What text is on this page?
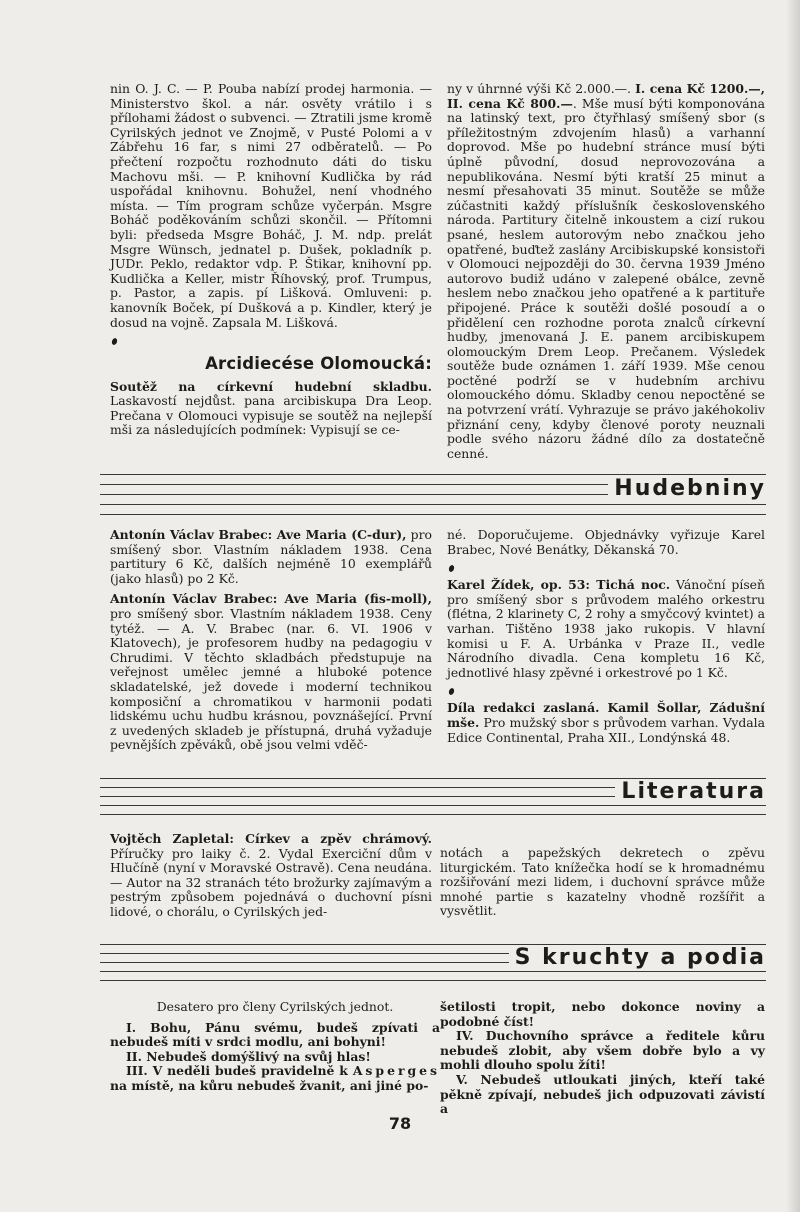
nin O. J. C. — P. Pouba nabízí prodej harmonia. — Ministerstvo škol. a nár. osvěty vrátilo i s přílohami žádost o subvenci. — Ztratili jsme kromě Cyrilských jednot ve Znojmě, v Pusté Polomi a v Zábřehu 16 far, s nimi 27 odběratelů. — Po přečtení rozpočtu rozhodnuto dáti do tisku Machovu mši. — P. knihovní Kudlička by rád uspořádal knihovnu. Bohužel, není vhodného místa. — Tím program schůze vyčerpán. Msgre Boháč poděkováním schůzi skončil. — Přítomni byli: předseda Msgre Boháč, J. M. ndp. prelát Msgre Wünsch, jednatel p. Dušek, pokladník p. JUDr. Peklo, redaktor vdp. P. Štikar, knihovní pp. Kudlička a Keller, mistr Říhovský, prof. Trumpus, p. Pastor, a zapis. pí Lišková. Omluveni: p. kanovník Boček, pí Dušková a p. Kindler, který je dosud na vojně. Zapsala M. Lišková.

Arcidiecése Olomoucká:

Soutěž na církevní hudební skladbu. Laskavostí nejdůst. pana arcibiskupa Dra Leop. Prečana v Olomouci vypisuje se soutěž na nejlepší mši za následujících podmínek: Vypisují se ce-

ny v úhrnné výši Kč 2.000.—. I. cena Kč 1200.—, II. cena Kč 800.—. Mše musí býti komponována na latinský text, pro čtyřhlasý smíšený sbor (s příležitostným zdvojením hlasů) a varhanní doprovod. Mše po hudební stránce musí býti úplně původní, dosud neprovozována a nepublikována. Nesmí býti kratší 25 minut a nesmí přesahovati 35 minut. Soutěže se může zúčastniti každý příslušník československého národa. Partitury čitelně inkoustem a cizí rukou psané, heslem autorovým nebo značkou jeho opatřené, buďtež zaslány Arcibiskupské konsistoři v Olomouci nejpozději do 30. června 1939 Jméno autorovo budiž udáno v zalepené obálce, zevně heslem nebo značkou jeho opatřené a k partituře připojené. Práce k soutěži došlé posoudí a o přidělení cen rozhodne porota znalců církevní hudby, jmenovaná J. E. panem arcibiskupem olomouckým Drem Leop. Prečanem. Výsledek soutěže bude oznámen 1. září 1939. Mše cenou poctěné podrží se v hudebním archivu olomouckého dómu. Skladby cenou nepoctěné se na potvrzení vrátí. Vyhrazuje se právo jakéhokoliv přiznání ceny, kdyby členové poroty neuznali podle svého názoru žádné dílo za dostatečně cenné.

Hudebniny

Antonín Václav Brabec: Ave Maria (C-dur), pro smíšený sbor. Vlastním nákladem 1938. Cena partitury 6 Kč, dalších nejméně 10 exemplářů (jako hlasů) po 2 Kč.

Antonín Václav Brabec: Ave Maria (fis-moll), pro smíšený sbor. Vlastním nákladem 1938. Ceny tytéž. — A. V. Brabec (nar. 6. VI. 1906 v Klatovech), je profesorem hudby na pedagogiu v Chrudimi. V těchto skladbách předstupuje na veřejnost umělec jemné a hluboké potence skladatelské, jež dovede i moderní technikou komposiční a chromatikou v harmonii podati lidskému uchu hudbu krásnou, povznášející. První z uvedených skladeb je přístupná, druhá vyžaduje pevnějších zpěváků, obě jsou velmi vděč-

né. Doporučujeme. Objednávky vyřizuje Karel Brabec, Nové Benátky, Děkanská 70.

Karel Žídek, op. 53: Tichá noc. Vánoční píseň pro smíšený sbor s průvodem malého orkestru (flétna, 2 klarinety C, 2 rohy a smyčcový kvintet) a varhan. Tištěno 1938 jako rukopis. V hlavní komisi u F. A. Urbánka v Praze II., vedle Národního divadla. Cena kompletu 16 Kč, jednotlivé hlasy zpěvné i orkestrové po 1 Kč.

Díla redakci zaslaná. Kamil Šollar, Zádušní mše. Pro mužský sbor s průvodem varhan. Vydala Edice Continental, Praha XII., Londýnská 48.

Literatura

Vojtěch Zapletal: Církev a zpěv chrámový. Příručky pro laiky č. 2. Vydal Exerciční dům v Hlučíně (nyní v Moravské Ostravě). Cena neudána. — Autor na 32 stranách této brožurky zajímavým a pestrým způsobem pojednává o duchovní písni lidové, o chorálu, o Cyrilských jed-

notách a papežských dekretech o zpěvu liturgickém. Tato knížečka hodí se k hromadnému rozšiřování mezi lidem, i duchovní správce může mnohé partie s kazatelny vhodně rozšířit a vysvětlit.

S kruchty a podia

Desatero pro členy Cyrilských jednot.

I. Bohu, Pánu svému, budeš zpívati a nebudeš míti v srdci modlu, ani bohyni!

II. Nebudeš domýšlivý na svůj hlas!

III. V neděli budeš pravidelně k Asperges na místě, na kůru nebudeš žvanit, ani jiné po-

šetilosti tropit, nebo dokonce noviny a podobné číst!

IV. Duchovního správce a ředitele kůru nebudeš zlobit, aby všem dobře bylo a vy mohli dlouho spolu žíti!

V. Nebudeš utloukati jiných, kteří také pěkně zpívají, nebudeš jich odpuzovati závistí a

78
